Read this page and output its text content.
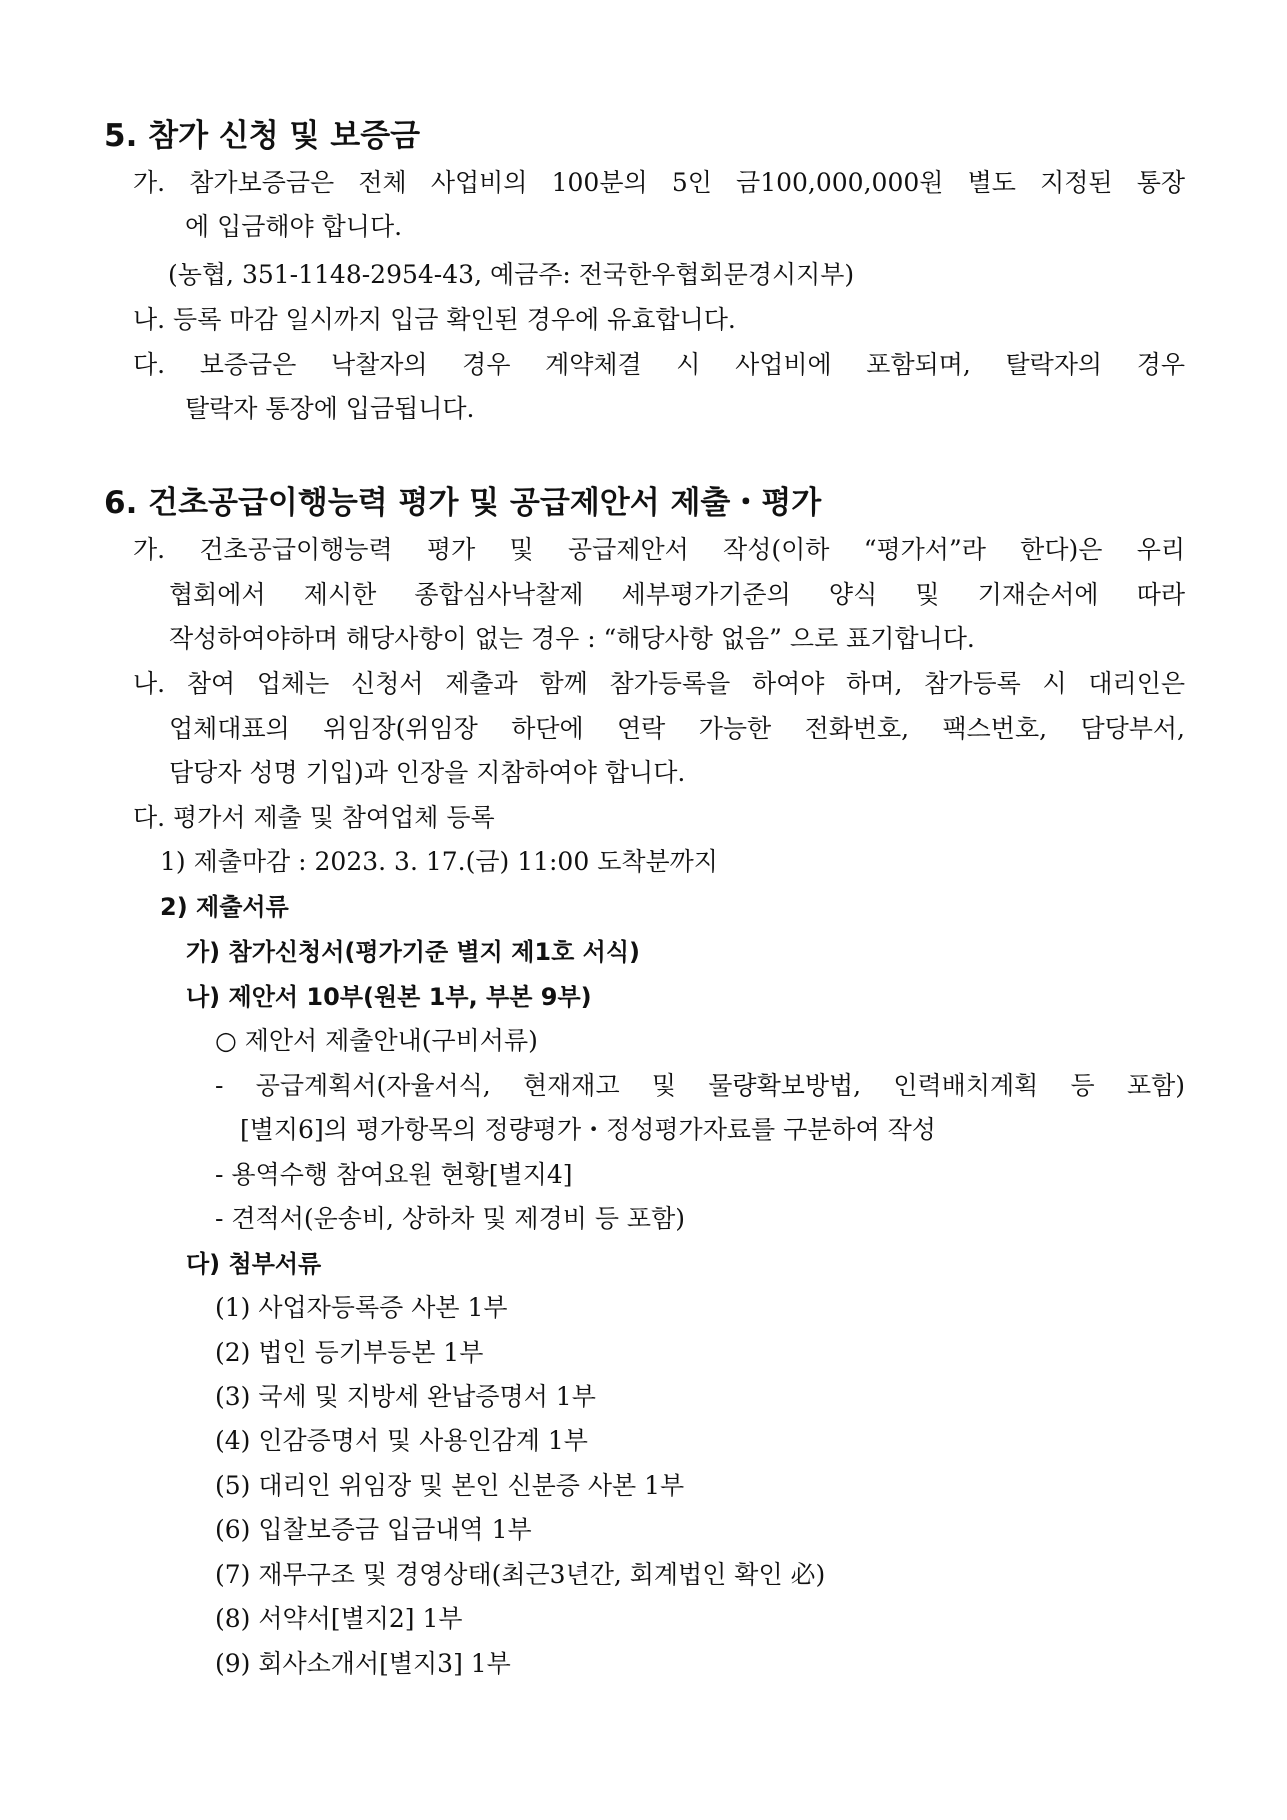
5. 참가 신청 및 보증금
가. 참가보증금은 전체 사업비의 100분의 5인 금100,000,000원 별도 지정된 통장
에 입금해야 합니다.
(농협, 351-1148-2954-43, 예금주: 전국한우협회문경시지부)
나. 등록 마감 일시까지 입금 확인된 경우에 유효합니다.
다. 보증금은 낙찰자의 경우 계약체결 시 사업비에 포함되며, 탈락자의 경우
탈락자 통장에 입금됩니다.
6. 건초공급이행능력 평가 및 공급제안서 제출・평가
가. 건초공급이행능력 평가 및 공급제안서 작성(이하 “평가서”라 한다)은 우리
협회에서 제시한 종합심사낙찰제 세부평가기준의 양식 및 기재순서에 따라
작성하여야하며 해당사항이 없는 경우 : “해당사항 없음” 으로 표기합니다.
나. 참여 업체는 신청서 제출과 함께 참가등록을 하여야 하며, 참가등록 시 대리인은
업체대표의 위임장(위임장 하단에 연락 가능한 전화번호, 팩스번호, 담당부서,
담당자 성명 기입)과 인장을 지참하여야 합니다.
다. 평가서 제출 및 참여업체 등록
1) 제출마감 : 2023. 3. 17.(금) 11:00 도착분까지
2) 제출서류
가) 참가신청서(평가기준 별지 제1호 서식)
나) 제안서 10부(원본 1부, 부본 9부)
○ 제안서 제출안내(구비서류)
- 공급계획서(자율서식, 현재재고 및 물량확보방법, 인력배치계획 등 포함)
[별지6]의 평가항목의 정량평가・정성평가자료를 구분하여 작성
- 용역수행 참여요원 현황[별지4]
- 견적서(운송비, 상하차 및 제경비 등 포함)
다) 첨부서류
(1) 사업자등록증 사본 1부
(2) 법인 등기부등본 1부
(3) 국세 및 지방세 완납증명서 1부
(4) 인감증명서 및 사용인감계 1부
(5) 대리인 위임장 및 본인 신분증 사본 1부
(6) 입찰보증금 입금내역 1부
(7) 재무구조 및 경영상태(최근3년간, 회계법인 확인 必)
(8) 서약서[별지2] 1부
(9) 회사소개서[별지3] 1부
